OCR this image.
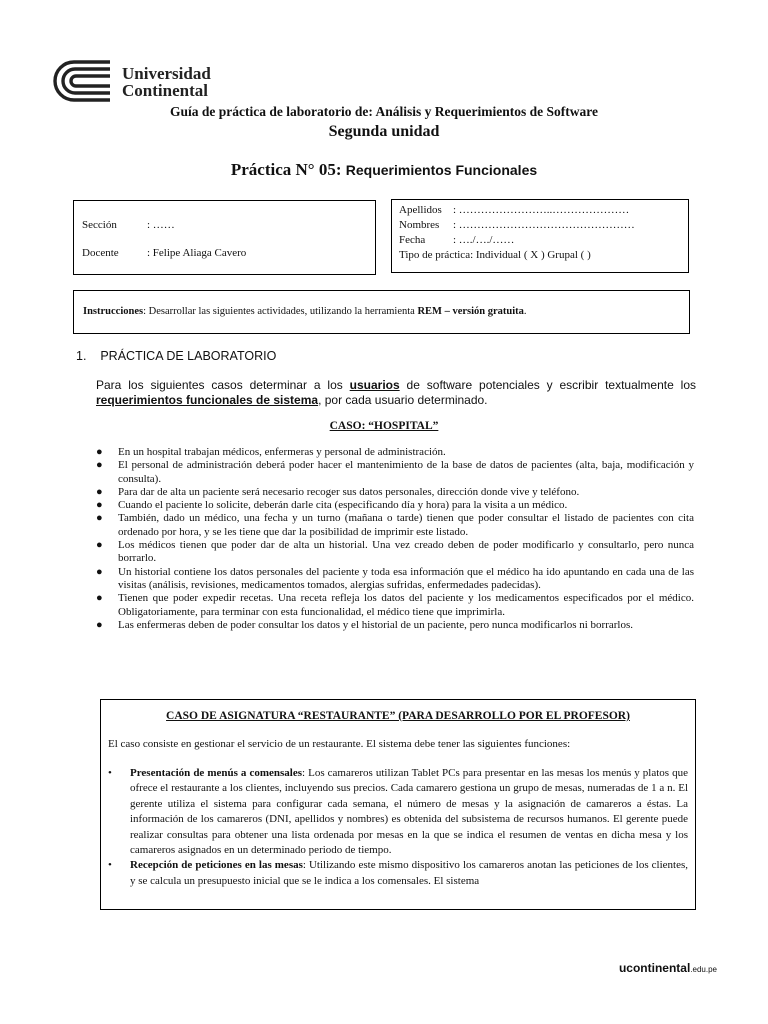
Universidad
Continental
Guía de práctica de laboratorio de: Análisis y Requerimientos de Software
Segunda unidad
Práctica N° 05: Requerimientos Funcionales
Sección	: ……
Docente	: Felipe Aliaga Cavero
Apellidos : ……………………..…………………
Nombres : …………………………………………
Fecha	: …./…./……
Tipo de práctica: Individual ( X ) Grupal ( )
Instrucciones: Desarrollar las siguientes actividades, utilizando la herramienta REM – versión gratuita.
1. PRÁCTICA DE LABORATORIO
Para los siguientes casos determinar a los usuarios de software potenciales y escribir textualmente los requerimientos funcionales de sistema, por cada usuario determinado.
CASO: “HOSPITAL”
● En un hospital trabajan médicos, enfermeras y personal de administración.
● El personal de administración deberá poder hacer el mantenimiento de la base de datos de pacientes (alta, baja, modificación y consulta).
● Para dar de alta un paciente será necesario recoger sus datos personales, dirección donde vive y teléfono.
● Cuando el paciente lo solicite, deberán darle cita (especificando día y hora) para la visita a un médico.
● También, dado un médico, una fecha y un turno (mañana o tarde) tienen que poder consultar el listado de pacientes con cita ordenado por hora, y se les tiene que dar la posibilidad de imprimir este listado.
● Los médicos tienen que poder dar de alta un historial. Una vez creado deben de poder modificarlo y consultarlo, pero nunca borrarlo.
● Un historial contiene los datos personales del paciente y toda esa información que el médico ha ido apuntando en cada una de las visitas (análisis, revisiones, medicamentos tomados, alergias sufridas, enfermedades padecidas).
● Tienen que poder expedir recetas. Una receta refleja los datos del paciente y los medicamentos especificados por el médico. Obligatoriamente, para terminar con esta funcionalidad, el médico tiene que imprimirla.
● Las enfermeras deben de poder consultar los datos y el historial de un paciente, pero nunca modificarlos ni borrarlos.
CASO DE ASIGNATURA “RESTAURANTE” (PARA DESARROLLO POR EL PROFESOR)
El caso consiste en gestionar el servicio de un restaurante. El sistema debe tener las siguientes funciones:
• Presentación de menús a comensales: Los camareros utilizan Tablet PCs para presentar en las mesas los menús y platos que ofrece el restaurante a los clientes, incluyendo sus precios. Cada camarero gestiona un grupo de mesas, numeradas de 1 a n. El gerente utiliza el sistema para configurar cada semana, el número de mesas y la asignación de camareros a éstas. La información de los camareros (DNI, apellidos y nombres) es obtenida del subsistema de recursos humanos. El gerente puede realizar consultas para obtener una lista ordenada por mesas en la que se indica el resumen de ventas en dicha mesa y los camareros asignados en un determinado periodo de tiempo.
• Recepción de peticiones en las mesas: Utilizando este mismo dispositivo los camareros anotan las peticiones de los clientes, y se calcula un presupuesto inicial que se le indica a los comensales. El sistema
ucontinental.edu.pe
